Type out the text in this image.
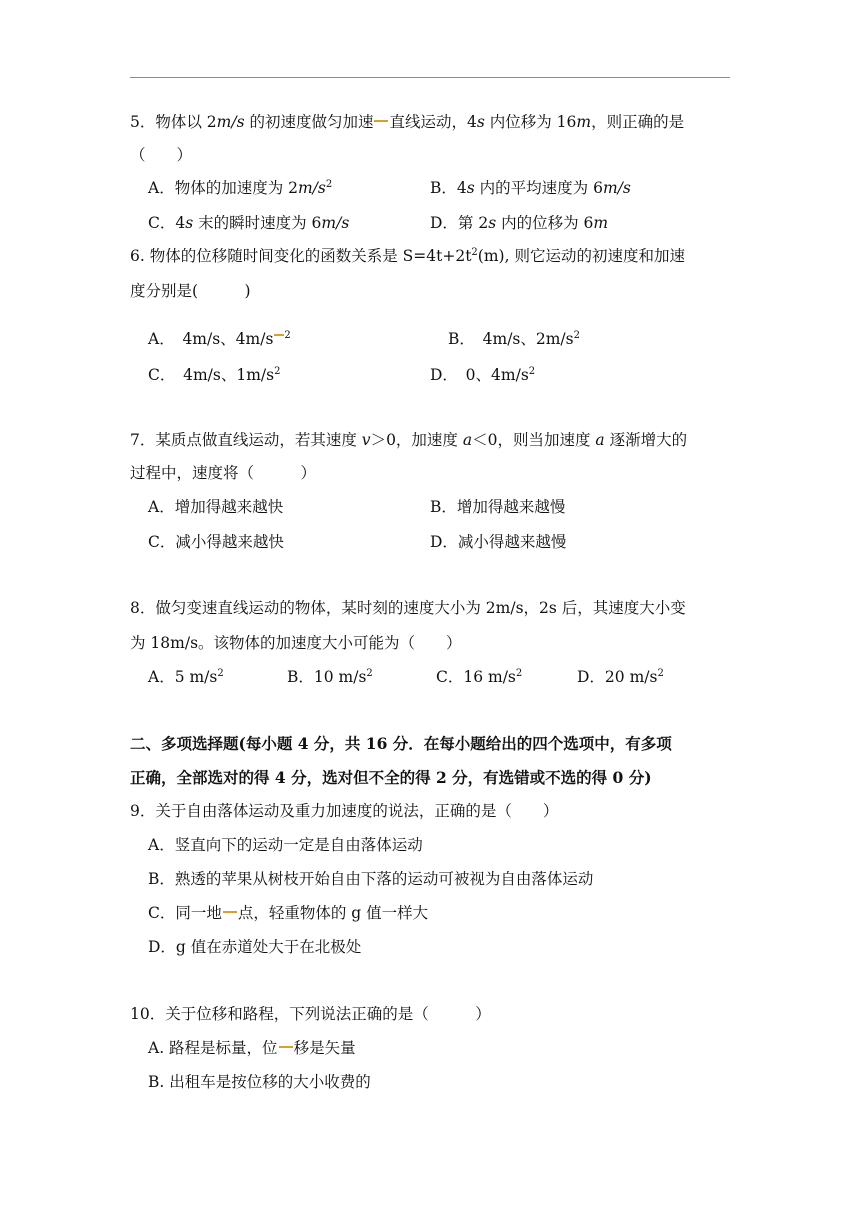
5．物体以 2m/s 的初速度做匀加速 直线运动，4s 内位移为 16m，则正确的是
（　　）
A．物体的加速度为 $2m/s^2$	B．4s 内的平均速度为 6m/s
C．4s 末的瞬时速度为 6m/s	D．第 2s 内的位移为 6m
6. 物体的位移随时间变化的函数关系是 $S=4t+2t^2(m)$, 则它运动的初速度和加速
度分别是(　　　)
A．　4m/s、4m/s $^2$	B．　4m/s、$2m/s^2$
C．　4m/s、$1m/s^2$	D．　0、$4m/s^2$
7．某质点做直线运动，若其速度 v＞0，加速度 a＜0，则当加速度 a 逐渐增大的
过程中，速度将（　　　）
A．增加得越来越快	B．增加得越来越慢
C．减小得越来越快	D．减小得越来越慢
8．做匀变速直线运动的物体，某时刻的速度大小为 2m/s，2s 后，其速度大小变
为 18m/s。该物体的加速度大小可能为（　　）
A．5 $m/s^2$	B．10 $m/s^2$	C．16 $m/s^2$	D．20 $m/s^2$
二、多项选择题(每小题 4 分，共 16 分．在每小题给出的四个选项中，有多项
正确，全部选对的得 4 分，选对但不全的得 2 分，有选错或不选的得 0 分)
9．关于自由落体运动及重力加速度的说法，正确的是（　　）
A．竖直向下的运动一定是自由落体运动
B．熟透的苹果从树枝开始自由下落的运动可被视为自由落体运动
C．同一地 点，轻重物体的 g 值一样大
D．g 值在赤道处大于在北极处
10．关于位移和路程，下列说法正确的是（　　　）
A. 路程是标量，位 移是矢量
B. 出租车是按位移的大小收费的
